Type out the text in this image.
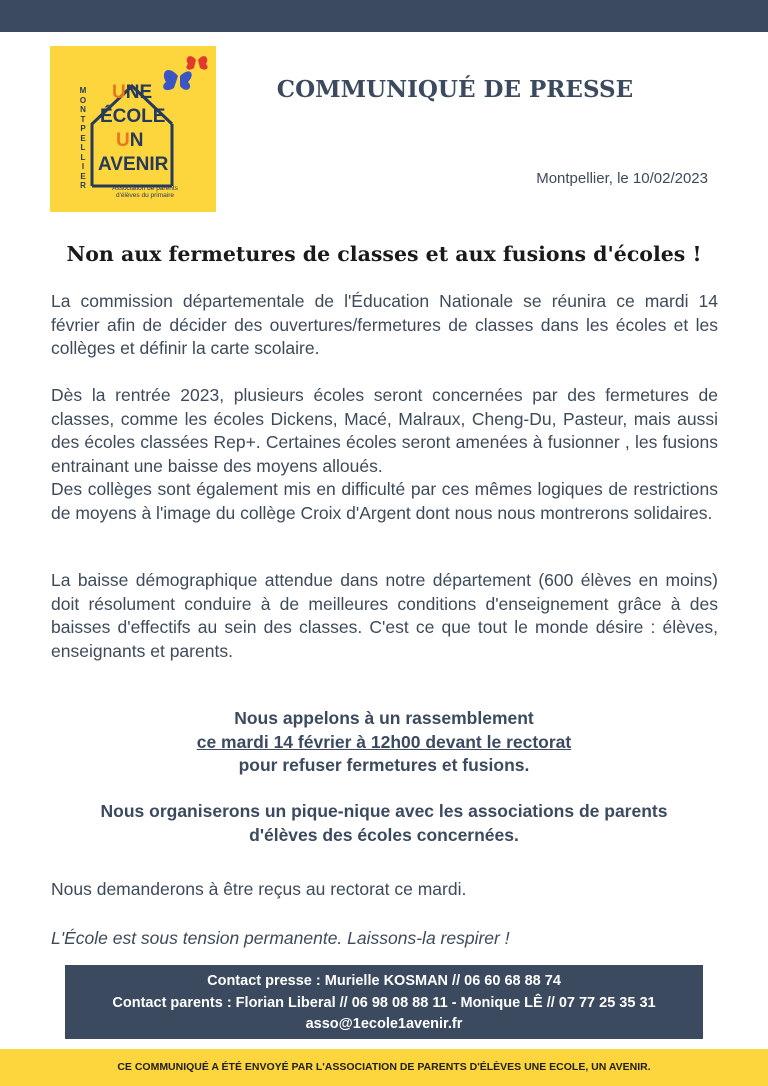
M
O
N
T
P
E
L
L
I
E
R
UNE
ÉCOLE
UN
AVENIR
Association de parents
d'élèves du primaire
COMMUNIQUÉ DE PRESSE
Montpellier, le 10/02/2023
Non aux fermetures de classes et aux fusions d'écoles !

La commission départementale de l'Éducation Nationale se réunira ce mardi 14 février afin de décider des ouvertures/fermetures de classes dans les écoles et les collèges et définir la carte scolaire.

Dès la rentrée 2023, plusieurs écoles seront concernées par des fermetures de classes, comme les écoles Dickens, Macé, Malraux, Cheng-Du, Pasteur, mais aussi des écoles classées Rep+. Certaines écoles seront amenées à fusionner , les fusions entrainant une baisse des moyens alloués.
Des collèges sont également mis en difficulté par ces mêmes logiques de restrictions de moyens à l'image du collège Croix d'Argent dont nous nous montrerons solidaires.

La baisse démographique attendue dans notre département (600 élèves en moins) doit résolument conduire à de meilleures conditions d'enseignement grâce à des baisses d'effectifs au sein des classes. C'est ce que tout le monde désire : élèves, enseignants et parents.

Nous appelons à un rassemblement
ce mardi 14 février à 12h00 devant le rectorat
pour refuser fermetures et fusions.
Nous organiserons un pique-nique avec les associations de parents
d'élèves des écoles concernées.
Nous demanderons à être reçus au rectorat ce mardi.
L'École est sous tension permanente. Laissons-la respirer !
Contact presse : Murielle KOSMAN // 06 60 68 88 74
Contact parents : Florian Liberal // 06 98 08 88 11 - Monique LÊ // 07 77 25 35 31
asso@1ecole1avenir.fr
CE COMMUNIQUÉ A ÉTÉ ENVOYÉ PAR L'ASSOCIATION DE PARENTS D'ÉLÈVES UNE ECOLE, UN AVENIR.
